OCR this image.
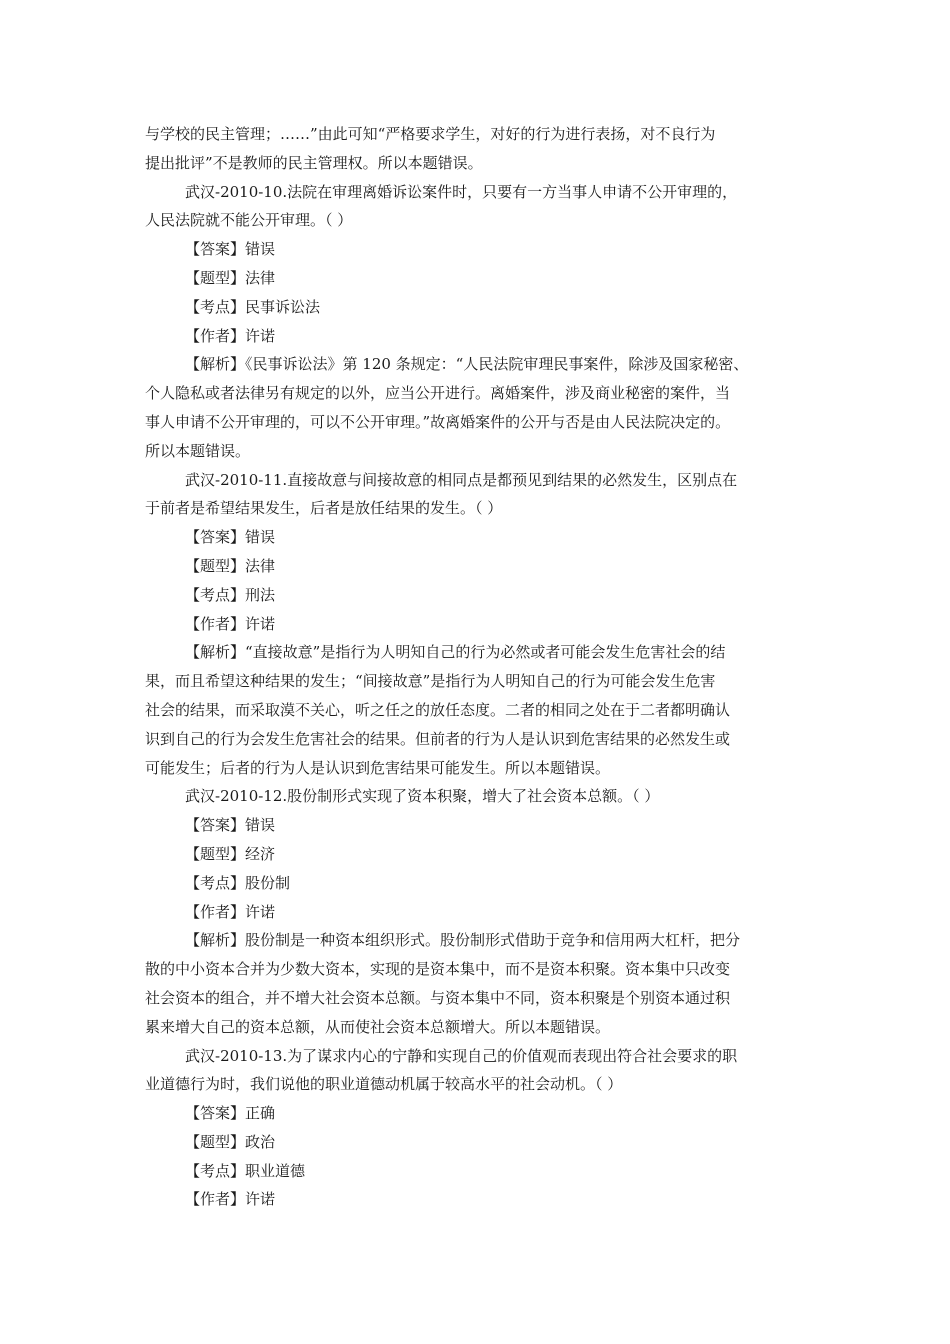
与学校的民主管理；……”由此可知“严格要求学生，对好的行为进行表扬，对不良行为
提出批评”不是教师的民主管理权。所以本题错误。
武汉-2010-10.法院在审理离婚诉讼案件时，只要有一方当事人申请不公开审理的，
人民法院就不能公开审理。（ ）
【答案】错误
【题型】法律
【考点】民事诉讼法
【作者】许诺
【解析】《民事诉讼法》第 120 条规定：“人民法院审理民事案件，除涉及国家秘密、
个人隐私或者法律另有规定的以外，应当公开进行。离婚案件，涉及商业秘密的案件，当
事人申请不公开审理的，可以不公开审理。”故离婚案件的公开与否是由人民法院决定的。
所以本题错误。
武汉-2010-11.直接故意与间接故意的相同点是都预见到结果的必然发生，区别点在
于前者是希望结果发生，后者是放任结果的发生。（ ）
【答案】错误
【题型】法律
【考点】刑法
【作者】许诺
【解析】“直接故意”是指行为人明知自己的行为必然或者可能会发生危害社会的结
果，而且希望这种结果的发生；“间接故意”是指行为人明知自己的行为可能会发生危害
社会的结果，而采取漠不关心，听之任之的放任态度。二者的相同之处在于二者都明确认
识到自己的行为会发生危害社会的结果。但前者的行为人是认识到危害结果的必然发生或
可能发生；后者的行为人是认识到危害结果可能发生。所以本题错误。
武汉-2010-12.股份制形式实现了资本积聚，增大了社会资本总额。（ ）
【答案】错误
【题型】经济
【考点】股份制
【作者】许诺
【解析】股份制是一种资本组织形式。股份制形式借助于竞争和信用两大杠杆，把分
散的中小资本合并为少数大资本，实现的是资本集中，而不是资本积聚。资本集中只改变
社会资本的组合，并不增大社会资本总额。与资本集中不同，资本积聚是个别资本通过积
累来增大自己的资本总额，从而使社会资本总额增大。所以本题错误。
武汉-2010-13.为了谋求内心的宁静和实现自己的价值观而表现出符合社会要求的职
业道德行为时，我们说他的职业道德动机属于较高水平的社会动机。（ ）
【答案】正确
【题型】政治
【考点】职业道德
【作者】许诺
